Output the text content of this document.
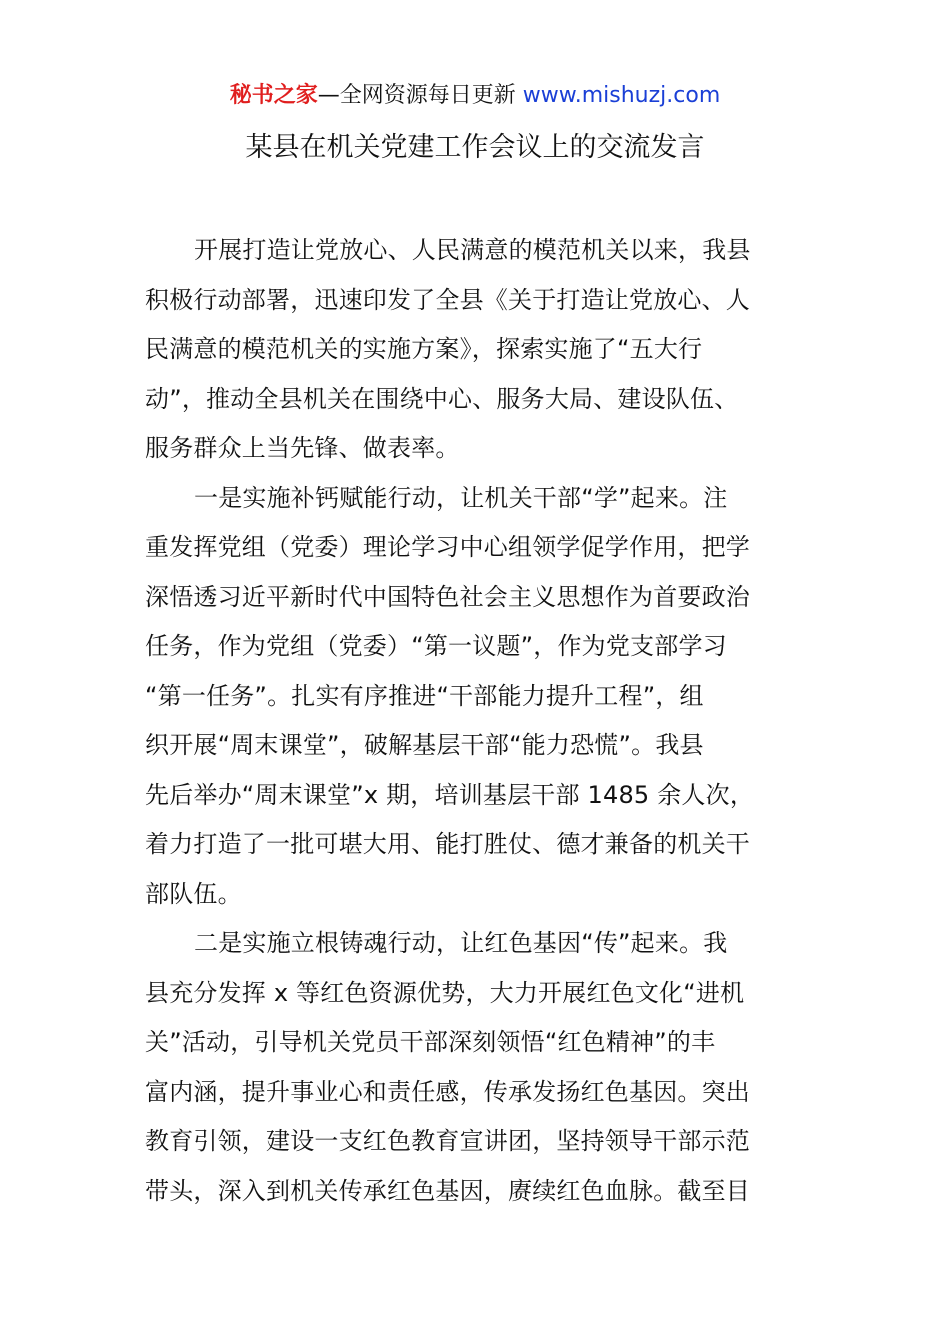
秘书之家—全网资源每日更新 www.mishuzj.com
某县在机关党建工作会议上的交流发言

开展打造让党放心、人民满意的模范机关以来，我县
积极行动部署，迅速印发了全县《关于打造让党放心、人
民满意的模范机关的实施方案》，探索实施了“五大行
动”，推动全县机关在围绕中心、服务大局、建设队伍、
服务群众上当先锋、做表率。

一是实施补钙赋能行动，让机关干部“学”起来。注
重发挥党组（党委）理论学习中心组领学促学作用，把学
深悟透习近平新时代中国特色社会主义思想作为首要政治
任务，作为党组（党委）“第一议题”，作为党支部学习
“第一任务”。扎实有序推进“干部能力提升工程”，组
织开展“周末课堂”，破解基层干部“能力恐慌”。我县
先后举办“周末课堂”x 期，培训基层干部 1485 余人次，
着力打造了一批可堪大用、能打胜仗、德才兼备的机关干
部队伍。

二是实施立根铸魂行动，让红色基因“传”起来。我
县充分发挥 x 等红色资源优势，大力开展红色文化“进机
关”活动，引导机关党员干部深刻领悟“红色精神”的丰
富内涵，提升事业心和责任感，传承发扬红色基因。突出
教育引领，建设一支红色教育宣讲团，坚持领导干部示范
带头，深入到机关传承红色基因，赓续红色血脉。截至目
